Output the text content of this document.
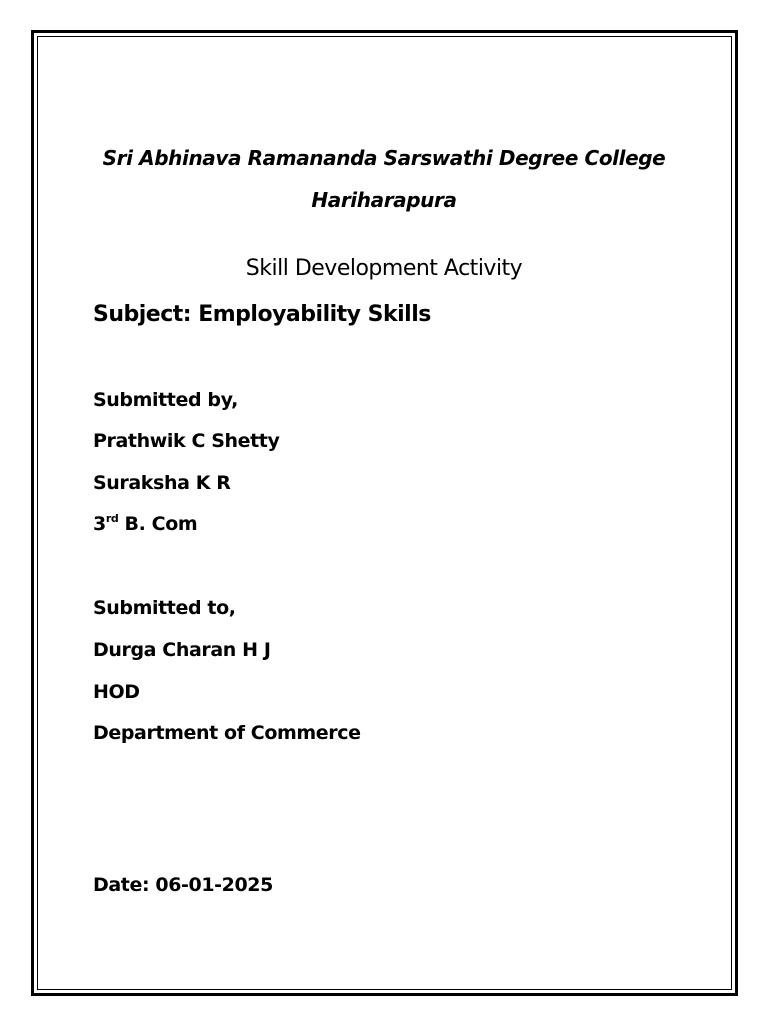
Sri Abhinava Ramananda Sarswathi Degree College
Hariharapura
Skill Development Activity
Subject: Employability Skills
Submitted by,
Prathwik C Shetty
Suraksha K R
3rd B. Com
Submitted to,
Durga Charan H J
HOD
Department of Commerce
Date: 06-01-2025
